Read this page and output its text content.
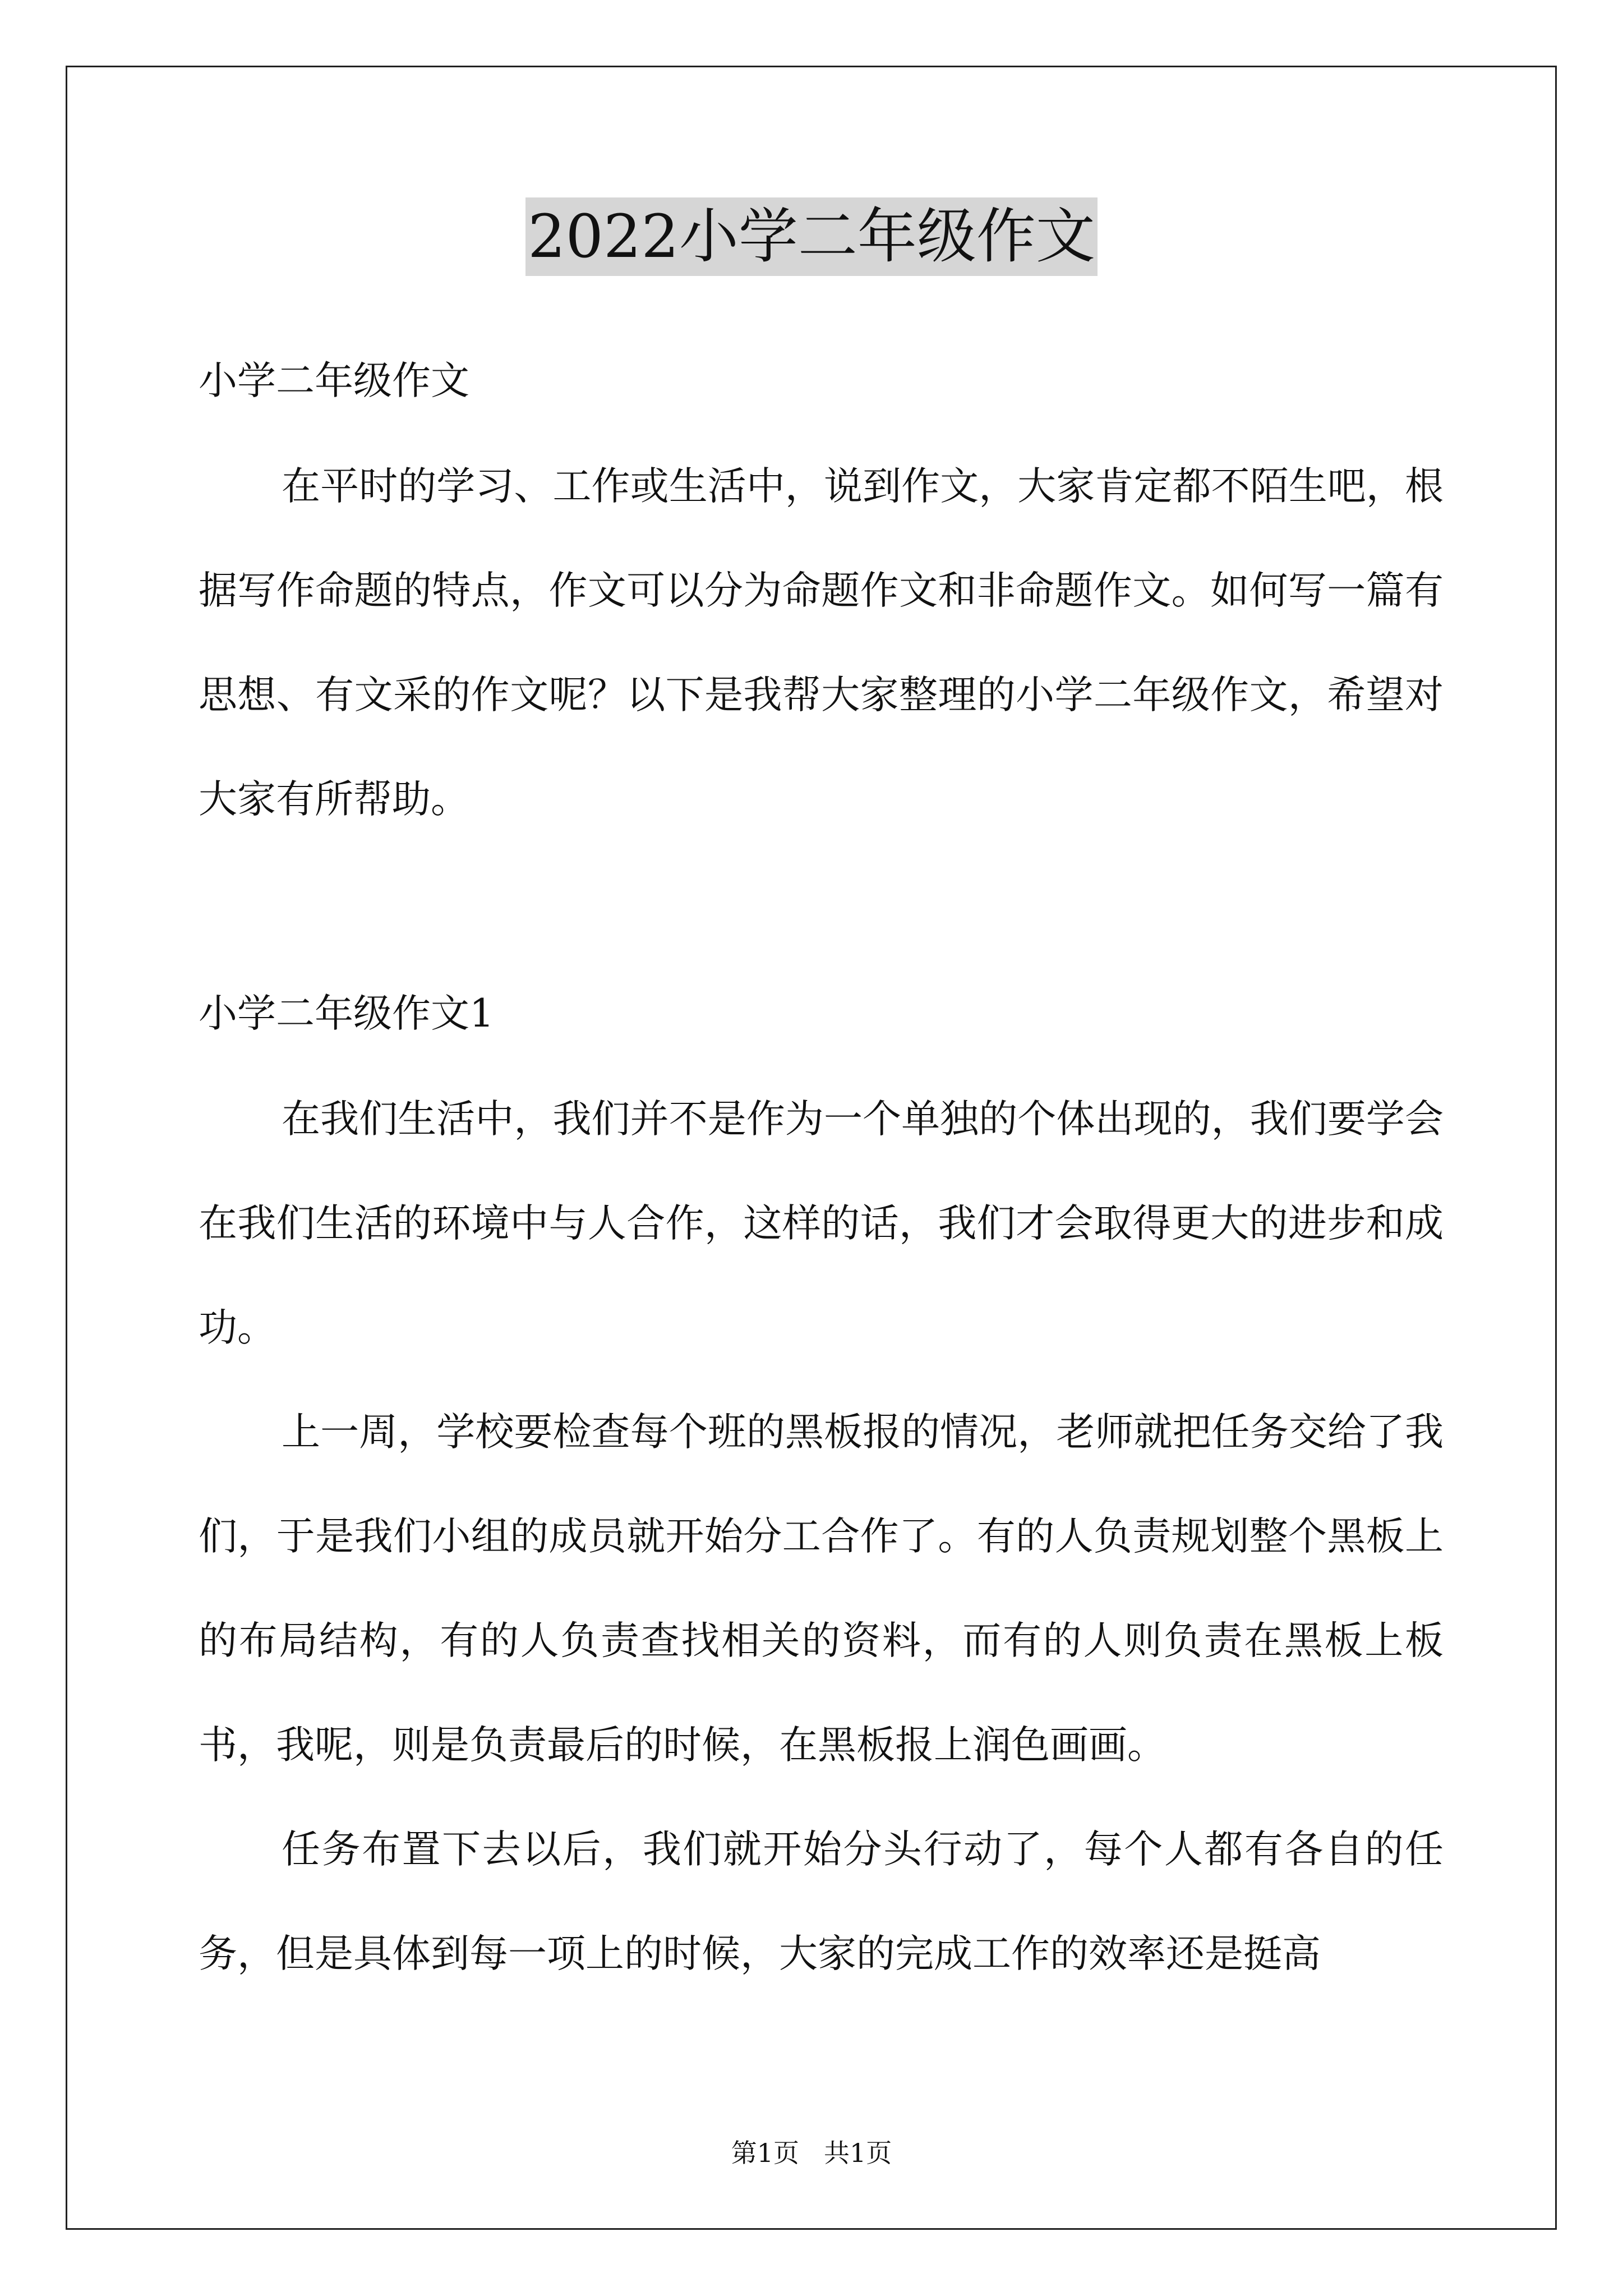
2022小学二年级作文

小学二年级作文

在平时的学习、工作或生活中，说到作文，大家肯定都不陌生吧，根据写作命题的特点，作文可以分为命题作文和非命题作文。如何写一篇有思想、有文采的作文呢？以下是我帮大家整理的小学二年级作文，希望对大家有所帮助。

小学二年级作文1

在我们生活中，我们并不是作为一个单独的个体出现的，我们要学会在我们生活的环境中与人合作，这样的话，我们才会取得更大的进步和成功。

上一周，学校要检查每个班的黑板报的情况，老师就把任务交给了我们，于是我们小组的成员就开始分工合作了。有的人负责规划整个黑板上的布局结构，有的人负责查找相关的资料，而有的人则负责在黑板上板书，我呢，则是负责最后的时候，在黑板报上润色画画。

任务布置下去以后，我们就开始分头行动了，每个人都有各自的任务，但是具体到每一项上的时候，大家的完成工作的效率还是挺高

第1页 共1页
